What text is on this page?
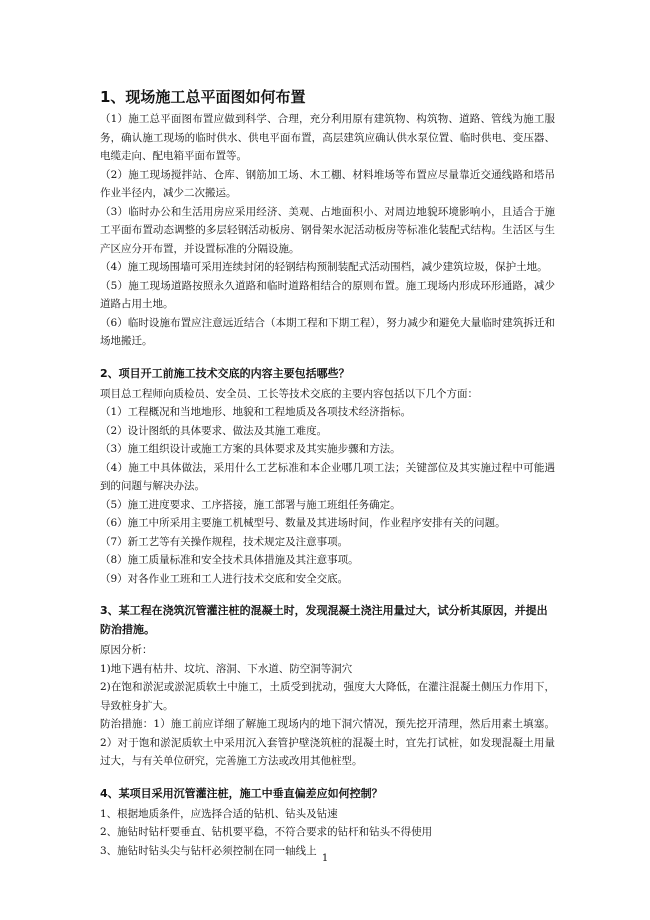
1、现场施工总平面图如何布置

（1）施工总平面图布置应做到科学、合理，充分利用原有建筑物、构筑物、道路、管线为施工服务，确认施工现场的临时供水、供电平面布置，高层建筑应确认供水泵位置、临时供电、变压器、电缆走向、配电箱平面布置等。

（2）施工现场搅拌站、仓库、钢筋加工场、木工棚、材料堆场等布置应尽量靠近交通线路和塔吊作业半径内，减少二次搬运。

（3）临时办公和生活用房应采用经济、美观、占地面积小、对周边地貌环境影响小，且适合于施工平面布置动态调整的多层轻钢活动板房、钢骨架水泥活动板房等标准化装配式结构。生活区与生产区应分开布置，并设置标准的分隔设施。

（4）施工现场围墙可采用连续封闭的轻钢结构预制装配式活动围档，减少建筑垃圾，保护土地。

（5）施工现场道路按照永久道路和临时道路相结合的原则布置。施工现场内形成环形通路，减少道路占用土地。

（6）临时设施布置应注意远近结合（本期工程和下期工程），努力减少和避免大量临时建筑拆迁和场地搬迁。

2、项目开工前施工技术交底的内容主要包括哪些？

项目总工程师向质检员、安全员、工长等技术交底的主要内容包括以下几个方面：

（1）工程概况和当地地形、地貌和工程地质及各项技术经济指标。

（2）设计图纸的具体要求、做法及其施工难度。

（3）施工组织设计或施工方案的具体要求及其实施步骤和方法。

（4）施工中具体做法，采用什么工艺标准和本企业哪几项工法；关键部位及其实施过程中可能遇到的问题与解决办法。

（5）施工进度要求、工序搭接，施工部署与施工班组任务确定。

（6）施工中所采用主要施工机械型号、数量及其进场时间，作业程序安排有关的问题。

（7）新工艺等有关操作规程，技术规定及注意事项。

（8）施工质量标准和安全技术具体措施及其注意事项。

（9）对各作业工班和工人进行技术交底和安全交底。

3、某工程在浇筑沉管灌注桩的混凝土时，发现混凝土浇注用量过大，试分析其原因，并提出防治措施。

原因分析：

1)地下遇有枯井、坟坑、溶洞、下水道、防空洞等洞穴

2)在饱和淤泥或淤泥质软土中施工，土质受到扰动，强度大大降低，在灌注混凝土侧压力作用下，导致桩身扩大。

防治措施：1）施工前应详细了解施工现场内的地下洞穴情况，预先挖开清理，然后用素土填塞。2）对于饱和淤泥质软土中采用沉入套管护壁浇筑桩的混凝土时，宜先打试桩，如发现混凝土用量过大，与有关单位研究，完善施工方法或改用其他桩型。

4、某项目采用沉管灌注桩，施工中垂直偏差应如何控制？

1、根据地质条件，应选择合适的钻机、钻头及钻速

2、施钻时钻杆要垂直、钻机要平稳，不符合要求的钻杆和钻头不得使用

3、施钻时钻头尖与钻杆必须控制在同一轴线上

1
